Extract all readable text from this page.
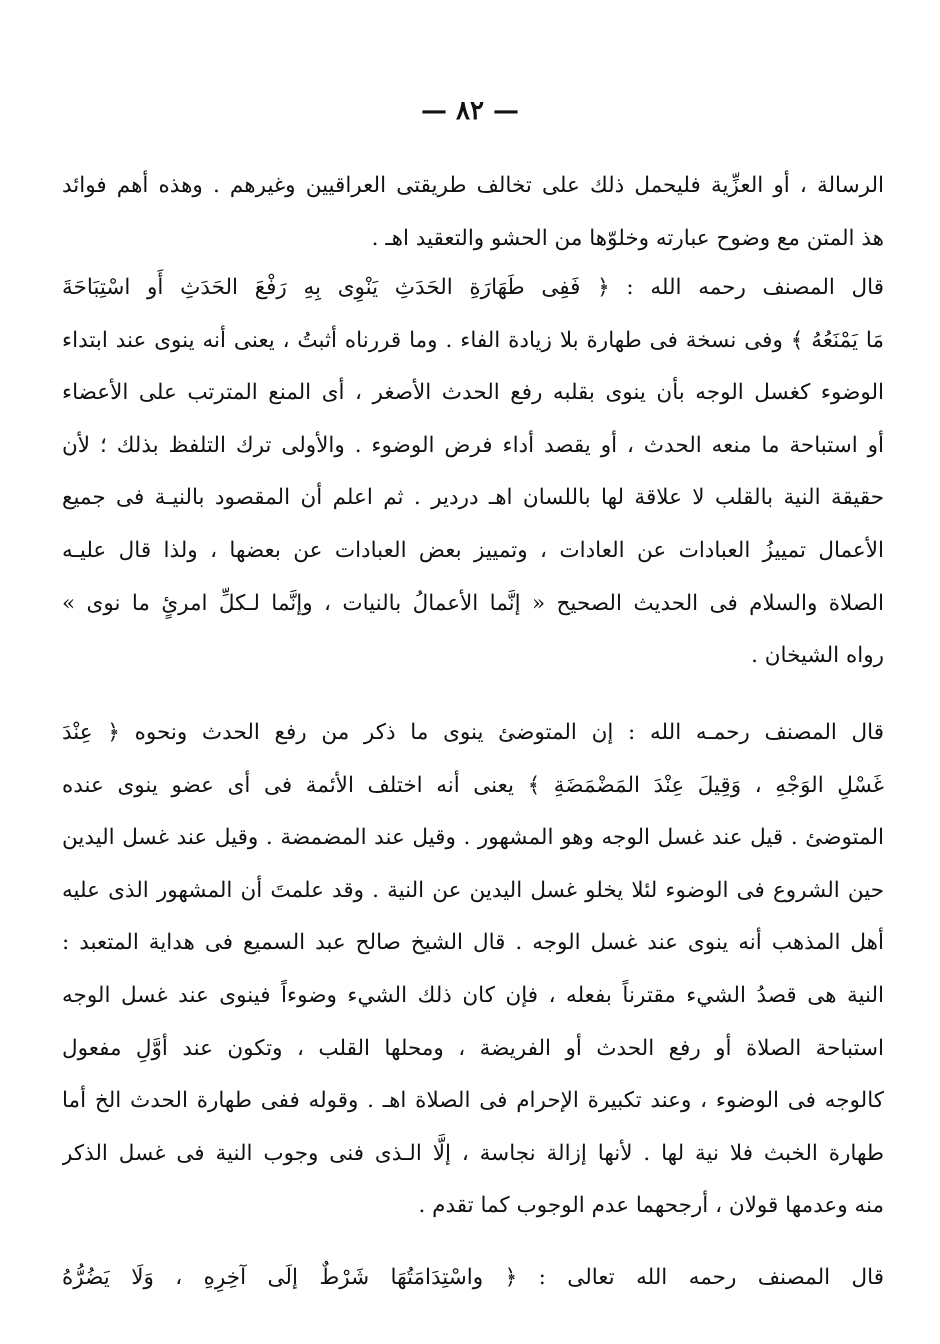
— ٨٢ —
الرسالة ، أو العزِّية فليحمل ذلك على تخالف طريقتى العراقيين وغيرهم . وهذه أهم فوائد
هذ المتن مع وضوح عبارته وخلوّها من الحشو والتعقيد اهـ .
قال المصنف رحمه الله : ﴿ فَفِى طَهَارَةِ الحَدَثِ يَنْوِى بِهِ رَفْعَ الحَدَثِ أَو اسْتِبَاحَةَ
مَا يَمْنَعُهُ ﴾ وفى نسخة فى طهارة بلا زيادة الفاء . وما قررناه أثبتُ ، يعنى أنه ينوى عند ابتداء
الوضوء كغسل الوجه بأن ينوى بقلبه رفع الحدث الأصغر ، أى المنع المترتب على الأعضاء
أو استباحة ما منعه الحدث ، أو يقصد أداء فرض الوضوء . والأولى ترك التلفظ بذلك ؛ لأن
حقيقة النية بالقلب لا علاقة لها باللسان اهـ دردير . ثم اعلم أن المقصود بالنيـة فى جميع
الأعمال تمييزُ العبادات عن العادات ، وتمييز بعض العبادات عن بعضها ، ولذا قال عليـه
الصلاة والسلام فى الحديث الصحيح « إنَّما الأعمالُ بالنيات ، وإنَّما لـكلِّ امرئٍ ما نوى »
رواه الشيخان .
قال المصنف رحمـه الله : إن المتوضئ ينوى ما ذكر من رفع الحدث ونحوه ﴿ عِنْدَ
غَسْلِ الوَجْهِ ، وَقِيلَ عِنْدَ المَضْمَضَةِ ﴾ يعنى أنه اختلف الأئمة فى أى عضو ينوى عنده
المتوضئ . قيل عند غسل الوجه وهو المشهور . وقيل عند المضمضة . وقيل عند غسل اليدين
حين الشروع فى الوضوء لئلا يخلو غسل اليدين عن النية . وقد علمتَ أن المشهور الذى عليه
أهل المذهب أنه ينوى عند غسل الوجه . قال الشيخ صالح عبد السميع فى هداية المتعبد :
النية هى قصدُ الشيء مقترناً بفعله ، فإن كان ذلك الشيء وضوءاً فينوى عند غسل الوجه
استباحة الصلاة أو رفع الحدث أو الفريضة ، ومحلها القلب ، وتكون عند أوَّلِ مفعول
كالوجه فى الوضوء ، وعند تكبيرة الإحرام فى الصلاة اهـ . وقوله ففى طهارة الحدث الخ أما
طهارة الخبث فلا نية لها . لأنها إزالة نجاسة ، إلَّا الـذى فنى وجوب النية فى غسل الذكر
منه وعدمها قولان ، أرجحهما عدم الوجوب كما تقدم .
قال المصنف رحمه الله تعالى : ﴿ واسْتِدَامَتُهَا شَرْطٌ إلَى آخِرِهِ ، وَلَا يَضُرُّهُ
